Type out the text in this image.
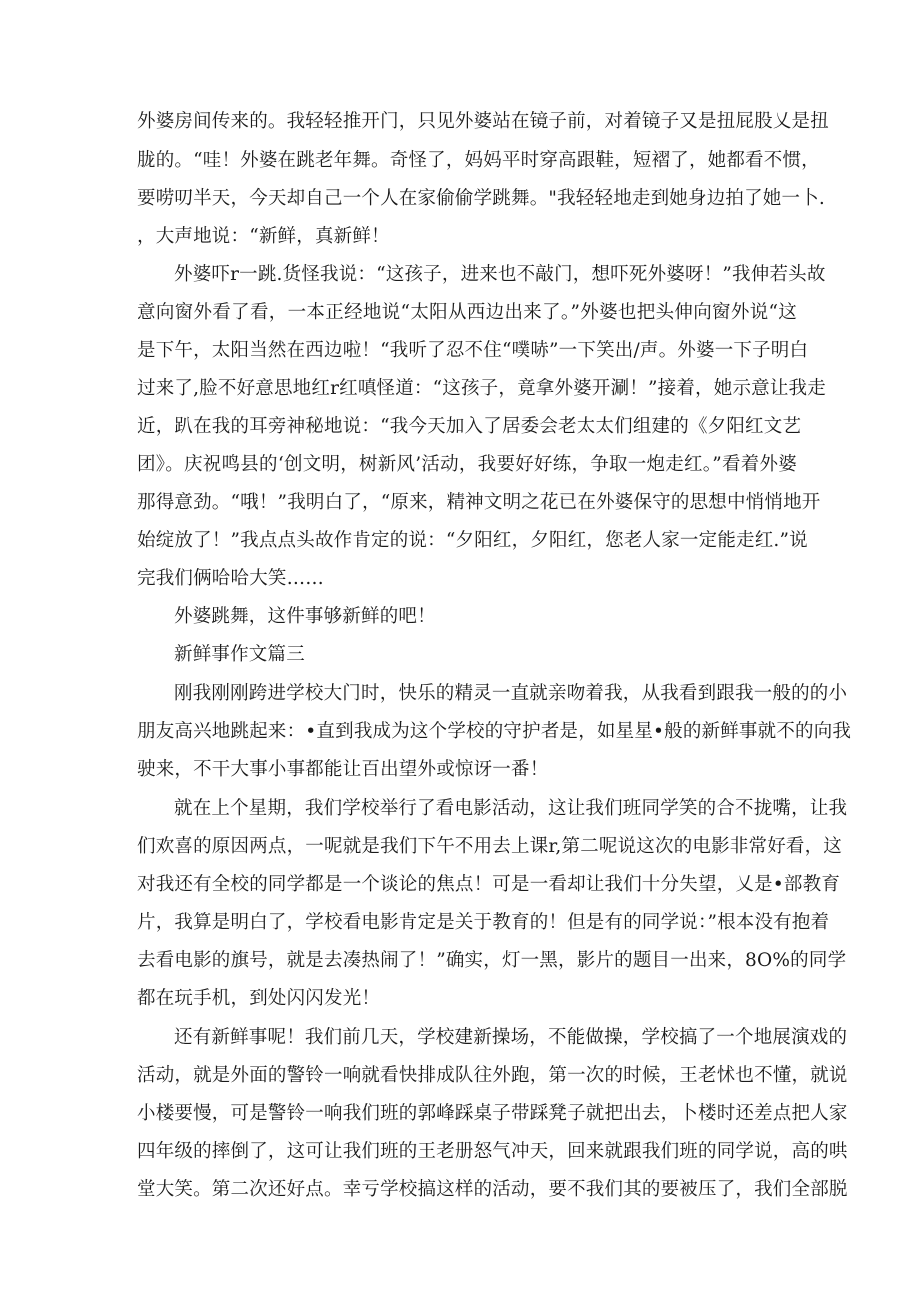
外婆房间传来的。我轻轻推开门，只见外婆站在镜子前，对着镜子又是扭屁股乂是扭
胧的。“哇！外婆在跳老年舞。奇怪了，妈妈平时穿高跟鞋，短褶了，她都看不惯，
要唠叨半天，今天却自己一个人在家偷偷学跳舞。"我轻轻地走到她身边拍了她一卜.
，大声地说：“新鲜，真新鲜！
外婆吓r一跳.货怪我说：“这孩子，进来也不敲门，想吓死外婆呀！”我伸若头故
意向窗外看了看，一本正经地说“太阳从西边出来了。”外婆也把头伸向窗外说“这
是下午，太阳当然在西边啦！“我听了忍不住“噗哧”一下笑出/声。外婆一下子明白
过来了,脸不好意思地红r红嗔怪道：“这孩子，竟拿外婆开涮！”接着，她示意让我走
近，趴在我的耳旁神秘地说：“我今天加入了居委会老太太们组建的《夕阳红文艺
团》。庆祝鸣县的‘创文明，树新风’活动，我要好好练，争取一炮走红。”看着外婆
那得意劲。“哦！”我明白了，“原来，精神文明之花已在外婆保守的思想中悄悄地开
始绽放了！”我点点头故作肯定的说：“夕阳红，夕阳红，您老人家一定能走红.”说
完我们俩哈哈大笑……
外婆跳舞，这件事够新鲜的吧！
新鲜事作文篇三
刚我刚刚跨进学校大门时，快乐的精灵一直就亲吻着我，从我看到跟我一般的的小
朋友高兴地跳起来：•直到我成为这个学校的守护者是，如星星•般的新鲜事就不的向我
驶来，不干大事小事都能让百出望外或惊讶一番！
就在上个星期，我们学校举行了看电影活动，这让我们班同学笑的合不拢嘴，让我
们欢喜的原因两点，一呢就是我们下午不用去上课r,第二呢说这次的电影非常好看，这
对我还有全校的同学都是一个谈论的焦点！可是一看却让我们十分失望，乂是•部教育
片，我算是明白了，学校看电影肯定是关于教育的！但是有的同学说：”根本没有抱着
去看电影的旗号，就是去凑热闹了！”确实，灯一黑，影片的题目一出来，8O%的同学
都在玩手机，到处闪闪发光！
还有新鲜事呢！我们前几天，学校建新操场，不能做操，学校搞了一个地展演戏的
活动，就是外面的警铃一响就看快排成队往外跑，第一次的时候，王老怵也不懂，就说
小楼要慢，可是警铃一响我们班的郭峰踩桌子带踩凳子就把出去，卜楼时还差点把人家
四年级的摔倒了，这可让我们班的王老册怒气冲天，回来就跟我们班的同学说，高的哄
堂大笑。第二次还好点。幸亏学校搞这样的活动，要不我们其的要被压了，我们全部脱
